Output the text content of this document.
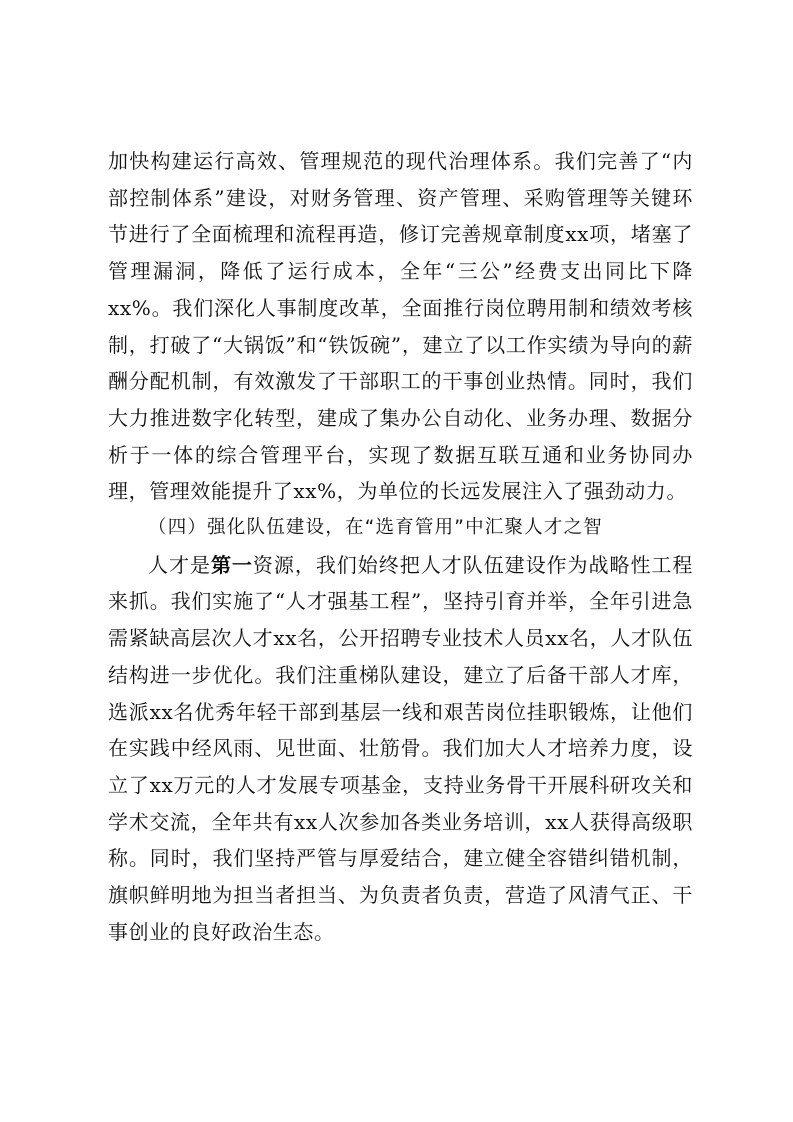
加快构建运行高效、管理规范的现代治理体系。我们完善了“内部控制体系”建设，对财务管理、资产管理、采购管理等关键环节进行了全面梳理和流程再造，修订完善规章制度xx项，堵塞了管理漏洞，降低了运行成本，全年“三公”经费支出同比下降xx%。我们深化人事制度改革，全面推行岗位聘用制和绩效考核制，打破了“大锅饭”和“铁饭碗”，建立了以工作实绩为导向的薪酬分配机制，有效激发了干部职工的干事创业热情。同时，我们大力推进数字化转型，建成了集办公自动化、业务办理、数据分析于一体的综合管理平台，实现了数据互联互通和业务协同办理，管理效能提升了xx%，为单位的长远发展注入了强劲动力。

（四）强化队伍建设，在“选育管用”中汇聚人才之智

人才是第一资源，我们始终把人才队伍建设作为战略性工程来抓。我们实施了“人才强基工程”，坚持引育并举，全年引进急需紧缺高层次人才xx名，公开招聘专业技术人员xx名，人才队伍结构进一步优化。我们注重梯队建设，建立了后备干部人才库，选派xx名优秀年轻干部到基层一线和艰苦岗位挂职锻炼，让他们在实践中经风雨、见世面、壮筋骨。我们加大人才培养力度，设立了xx万元的人才发展专项基金，支持业务骨干开展科研攻关和学术交流，全年共有xx人次参加各类业务培训，xx人获得高级职称。同时，我们坚持严管与厚爱结合，建立健全容错纠错机制，旗帜鲜明地为担当者担当、为负责者负责，营造了风清气正、干事创业的良好政治生态。
